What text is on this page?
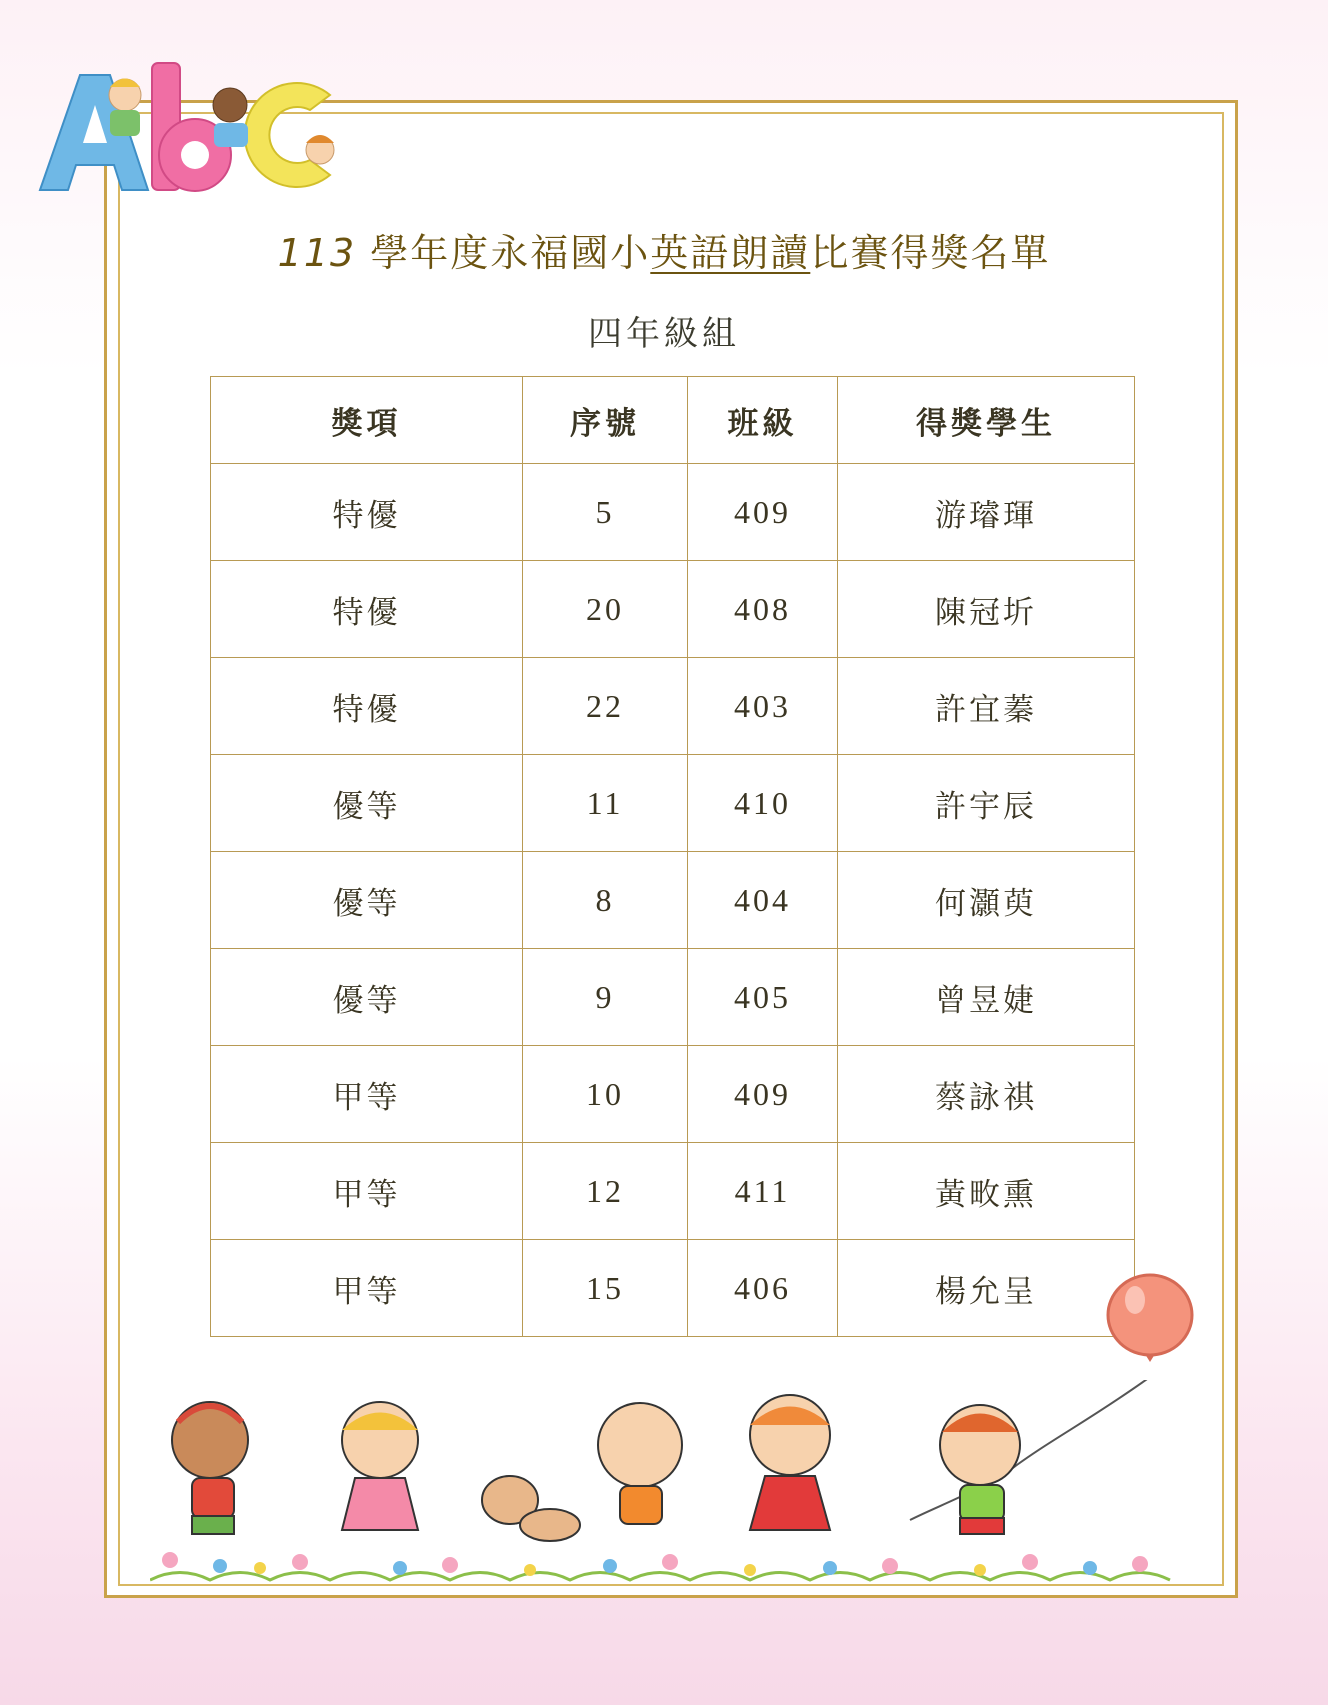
A
113 學年度永福國小英語朗讀比賽得獎名單
四年級組
獎項	序號	班級	得獎學生
特優	5	409	游璿琿
特優	20	408	陳冠圻
特優	22	403	許宜蓁
優等	11	410	許宇辰
優等	8	404	何灝萸
優等	9	405	曾昱婕
甲等	10	409	蔡詠祺
甲等	12	411	黃畋熏
甲等	15	406	楊允呈
